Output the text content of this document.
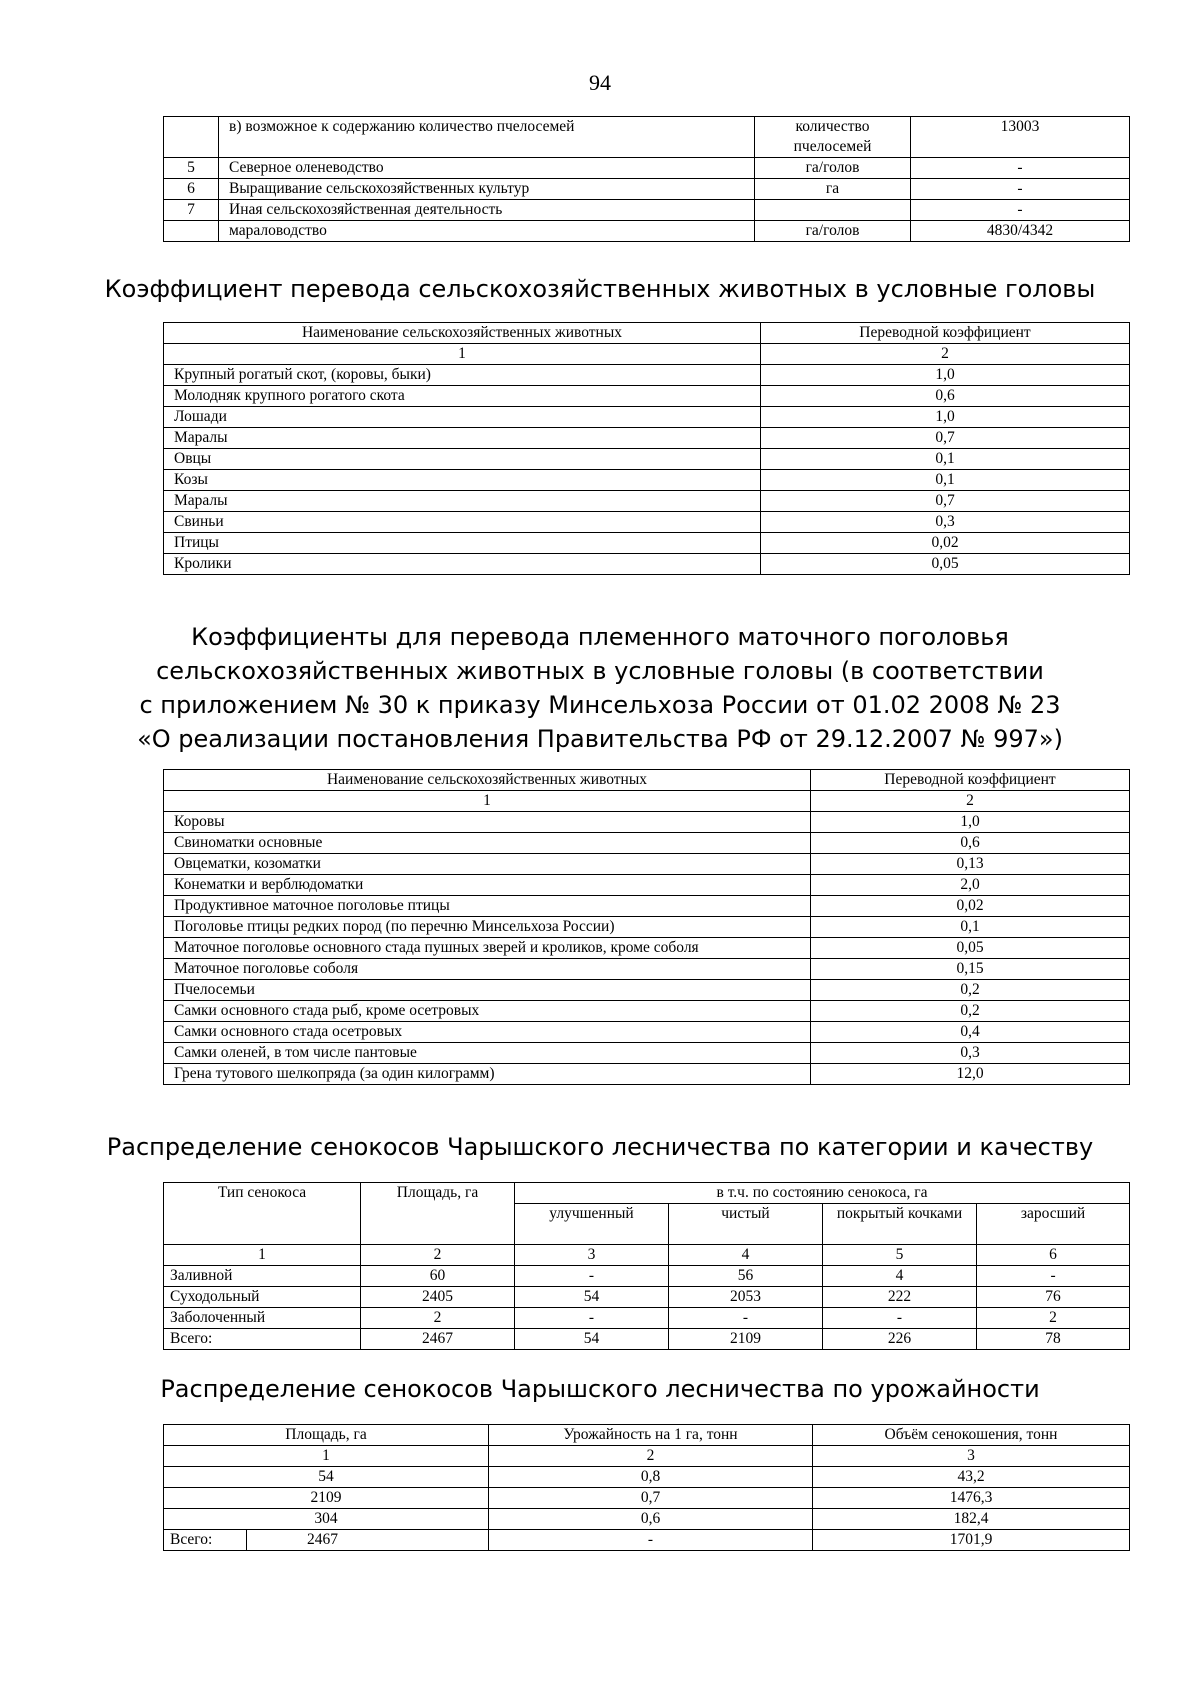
94
	в) возможное к содержанию количество пчелосемей	количество пчелосемей	13003
5	Северное оленеводство	га/голов	-
6	Выращивание сельскохозяйственных культур	га	-
7	Иная сельскохозяйственная деятельность		-
	мараловодство	га/голов	4830/4342
Коэффициент перевода сельскохозяйственных животных в условные головы
Наименование сельскохозяйственных животных	Переводной коэффициент
1	2
Крупный рогатый скот, (коровы, быки)	1,0
Молодняк крупного рогатого скота	0,6
Лошади	1,0
Маралы	0,7
Овцы	0,1
Козы	0,1
Маралы	0,7
Свиньи	0,3
Птицы	0,02
Кролики	0,05
Коэффициенты для перевода племенного маточного поголовья
сельскохозяйственных животных в условные головы (в соответствии
с приложением № 30 к приказу Минсельхоза России от 01.02 2008 № 23
«О реализации постановления Правительства РФ от 29.12.2007 № 997»)
Наименование сельскохозяйственных животных	Переводной коэффициент
1	2
Коровы	1,0
Свиноматки основные	0,6
Овцематки, козоматки	0,13
Конематки и верблюдоматки	2,0
Продуктивное маточное поголовье птицы	0,02
Поголовье птицы редких пород (по перечню Минсельхоза России)	0,1
Маточное поголовье основного стада пушных зверей и кроликов, кроме соболя	0,05
Маточное поголовье соболя	0,15
Пчелосемьи	0,2
Самки основного стада рыб, кроме осетровых	0,2
Самки основного стада осетровых	0,4
Самки оленей, в том числе пантовые	0,3
Грена тутового шелкопряда (за один килограмм)	12,0
Распределение сенокосов Чарышского лесничества по категории и качеству
Тип сенокоса	Площадь, га	в т.ч. по состоянию сенокоса, га			
		улучшенный	чистый	покрытый кочками	заросший
1	2	3	4	5	6
Заливной	60	-	56	4	-
Суходольный	2405	54	2053	222	76
Заболоченный	2	-	-	-	2
Всего:	2467	54	2109	226	78
Распределение сенокосов Чарышского лесничества по урожайности
Площадь, га		Урожайность на 1 га, тонн	Объём сенокошения, тонн
1		2	3
54		0,8	43,2
2109		0,7	1476,3
304		0,6	182,4
Всего:	2467	-	1701,9
